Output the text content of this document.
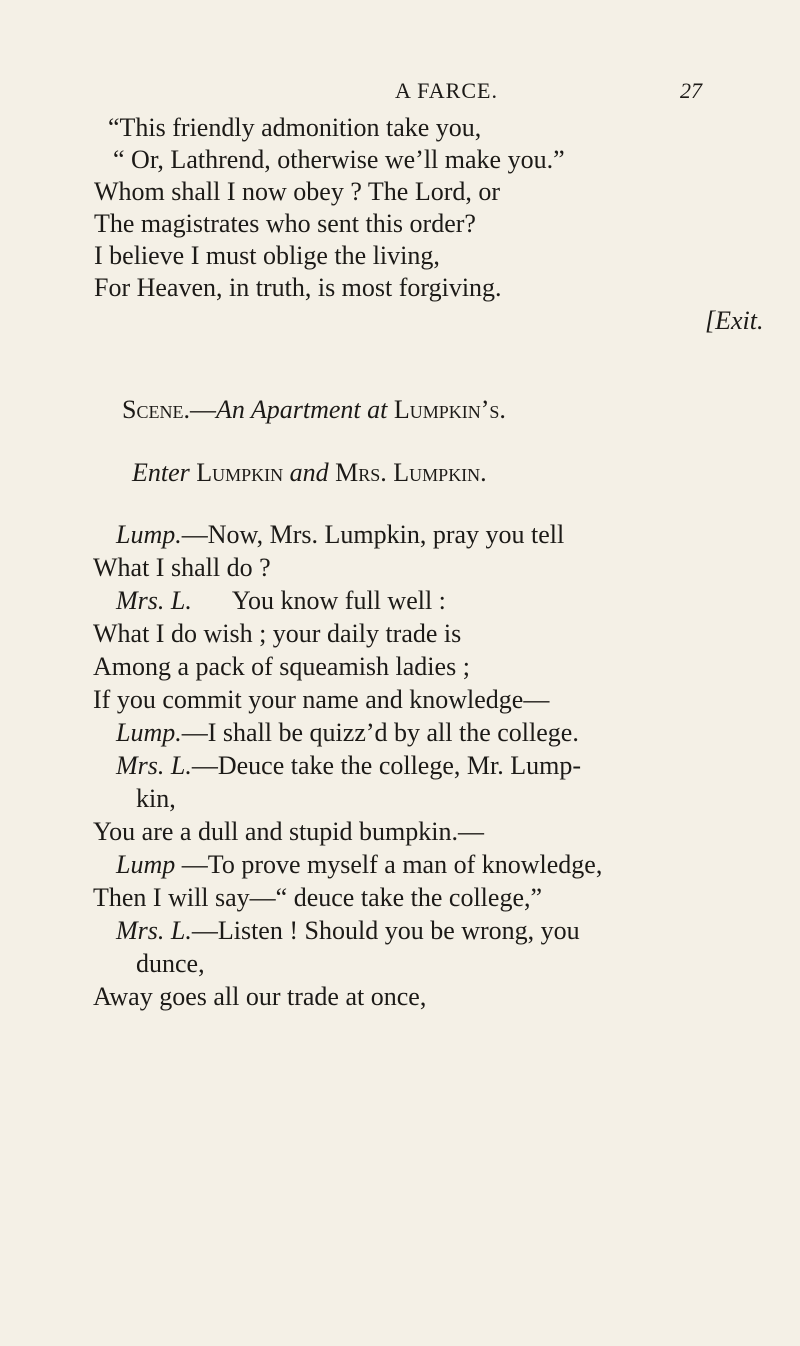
A FARCE.	27
“This friendly admonition take you,
“ Or, Lathrend, otherwise we’ll make you.”
Whom shall I now obey ? The Lord, or
The magistrates who sent this order?
I believe I must oblige the living,
For Heaven, in truth, is most forgiving.
[Exit.
Scene.—An Apartment at Lumpkin’s.
Enter Lumpkin and Mrs. Lumpkin.
Lump.—Now, Mrs. Lumpkin, pray you tell
What I shall do ?
Mrs. L. You know full well :
What I do wish ; your daily trade is
Among a pack of squeamish ladies ;
If you commit your name and knowledge—
Lump.—I shall be quizz’d by all the college.
Mrs. L.—Deuce take the college, Mr. Lump-
kin,
You are a dull and stupid bumpkin.—
Lump —To prove myself a man of knowledge,
Then I will say—“ deuce take the college,”
Mrs. L.—Listen ! Should you be wrong, you
dunce,
Away goes all our trade at once,
